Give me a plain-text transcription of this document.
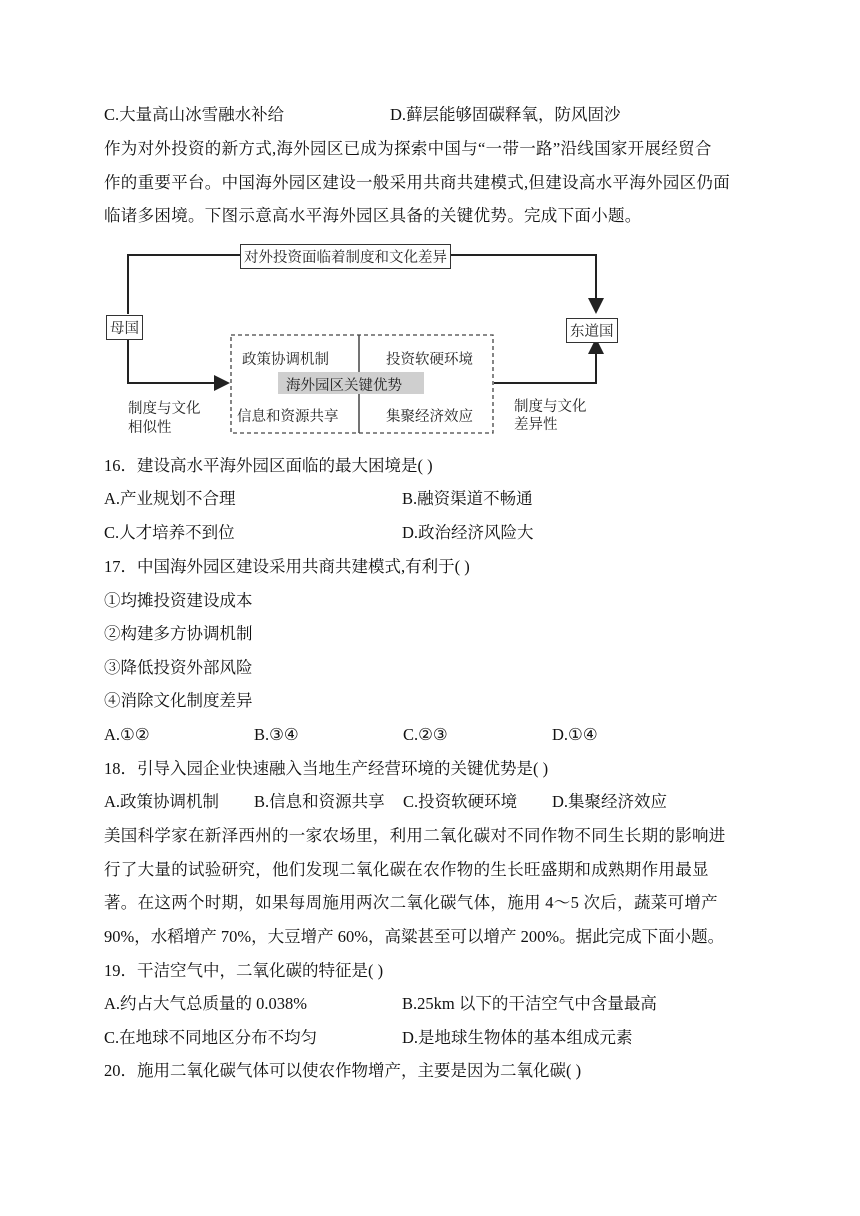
C.大量高山冰雪融水补给	D.藓层能够固碳释氧，防风固沙
作为对外投资的新方式,海外园区已成为探索中国与“一带一路”沿线国家开展经贸合
作的重要平台。中国海外园区建设一般采用共商共建模式,但建设高水平海外园区仍面
临诸多困境。下图示意高水平海外园区具备的关键优势。完成下面小题。
对外投资面临着制度和文化差异
母国	东道国
政策协调机制	投资软硬环境
海外园区关键优势
信息和资源共享	集聚经济效应
制度与文化
相似性
制度与文化
差异性
16．建设高水平海外园区面临的最大困境是( )
A.产业规划不合理	B.融资渠道不畅通
C.人才培养不到位	D.政治经济风险大
17．中国海外园区建设采用共商共建模式,有利于( )
①均摊投资建设成本
②构建多方协调机制
③降低投资外部风险
④消除文化制度差异
A.①②	B.③④	C.②③	D.①④
18．引导入园企业快速融入当地生产经营环境的关键优势是( )
A.政策协调机制 B.信息和资源共享 C.投资软硬环境 D.集聚经济效应
美国科学家在新泽西州的一家农场里，利用二氧化碳对不同作物不同生长期的影响进
行了大量的试验研究，他们发现二氧化碳在农作物的生长旺盛期和成熟期作用最显
著。在这两个时期，如果每周施用两次二氧化碳气体，施用 4～5 次后，蔬菜可增产
90%，水稻增产 70%，大豆增产 60%，高粱甚至可以增产 200%。据此完成下面小题。
19．干洁空气中，二氧化碳的特征是( )
A.约占大气总质量的 0.038%	B.25km 以下的干洁空气中含量最高
C.在地球不同地区分布不均匀	D.是地球生物体的基本组成元素
20．施用二氧化碳气体可以使农作物增产，主要是因为二氧化碳( )
